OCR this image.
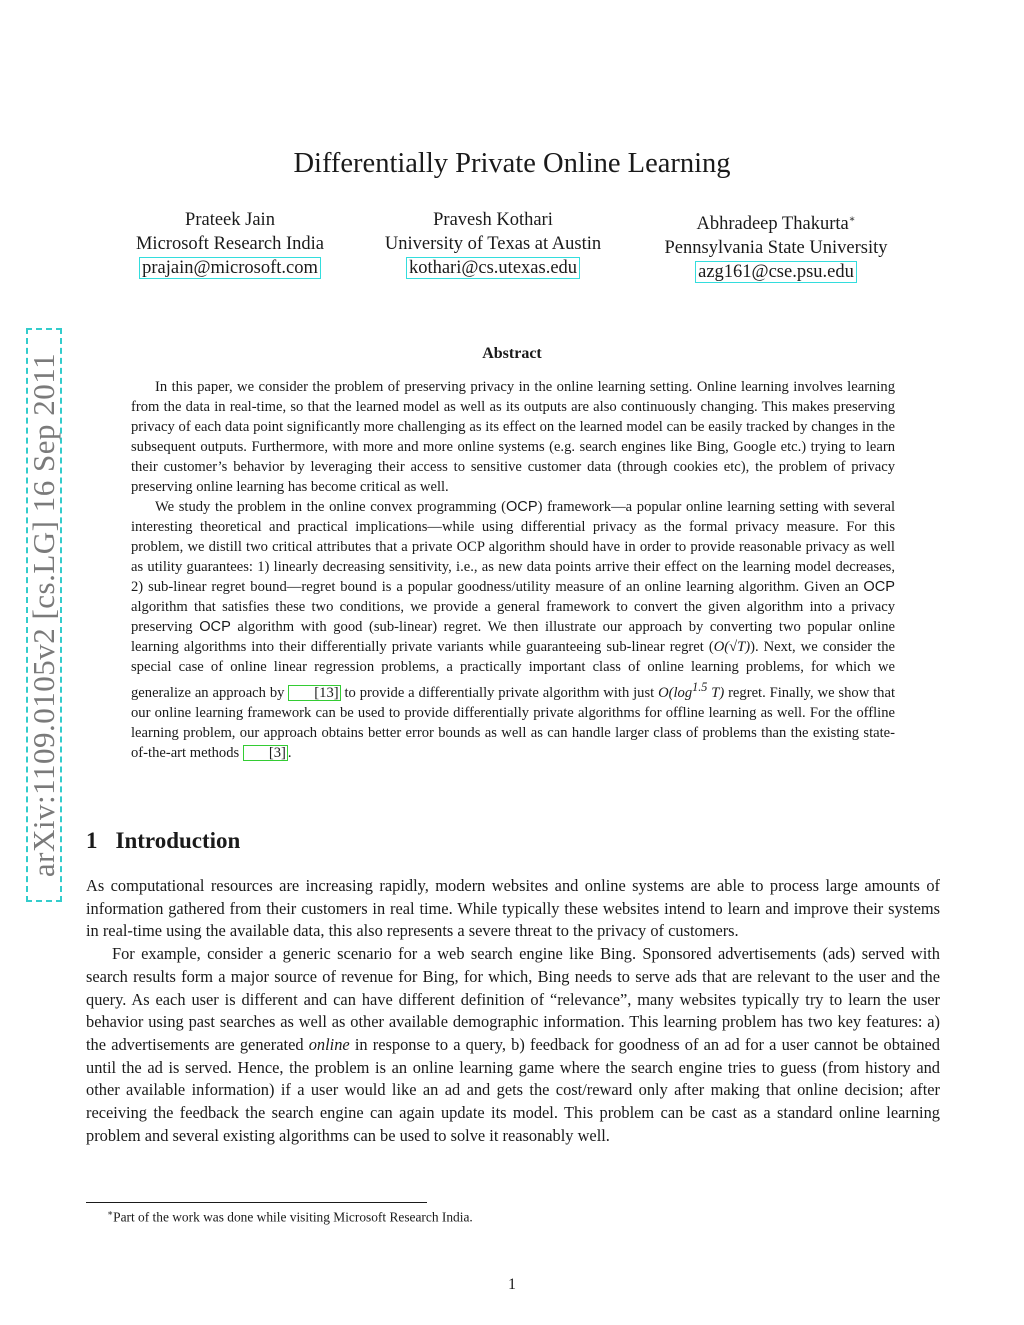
arXiv:1109.0105v2 [cs.LG] 16 Sep 2011
Differentially Private Online Learning
Prateek Jain
Microsoft Research India
prajain@microsoft.com
Pravesh Kothari
University of Texas at Austin
kothari@cs.utexas.edu
Abhradeep Thakurta∗
Pennsylvania State University
azg161@cse.psu.edu
Abstract

In this paper, we consider the problem of preserving privacy in the online learning setting. Online learning involves learning from the data in real-time, so that the learned model as well as its outputs are also continuously changing. This makes preserving privacy of each data point significantly more challenging as its effect on the learned model can be easily tracked by changes in the subsequent outputs. Furthermore, with more and more online systems (e.g. search engines like Bing, Google etc.) trying to learn their customer’s behavior by leveraging their access to sensitive customer data (through cookies etc), the problem of privacy preserving online learning has become critical as well.

We study the problem in the online convex programming (OCP) framework—a popular online learning setting with several interesting theoretical and practical implications—while using differential privacy as the formal privacy measure. For this problem, we distill two critical attributes that a private OCP algorithm should have in order to provide reasonable privacy as well as utility guarantees: 1) linearly decreasing sensitivity, i.e., as new data points arrive their effect on the learning model decreases, 2) sub-linear regret bound—regret bound is a popular goodness/utility measure of an online learning algorithm. Given an OCP algorithm that satisfies these two conditions, we provide a general framework to convert the given algorithm into a privacy preserving OCP algorithm with good (sub-linear) regret. We then illustrate our approach by converting two popular online learning algorithms into their differentially private variants while guaranteeing sub-linear regret (O(√T)). Next, we consider the special case of online linear regression problems, a practically important class of online learning problems, for which we generalize an approach by [13] to provide a differentially private algorithm with just $O(\log^{1.5}$ T) regret. Finally, we show that our online learning framework can be used to provide differentially private algorithms for offline learning as well. For the offline learning problem, our approach obtains better error bounds as well as can handle larger class of problems than the existing state-of-the-art methods [3] .

1 Introduction

As computational resources are increasing rapidly, modern websites and online systems are able to process large amounts of information gathered from their customers in real time. While typically these websites intend to learn and improve their systems in real-time using the available data, this also represents a severe threat to the privacy of customers.

For example, consider a generic scenario for a web search engine like Bing. Sponsored advertisements (ads) served with search results form a major source of revenue for Bing, for which, Bing needs to serve ads that are relevant to the user and the query. As each user is different and can have different definition of “relevance”, many websites typically try to learn the user behavior using past searches as well as other available demographic information. This learning problem has two key features: a) the advertisements are generated online in response to a query, b) feedback for goodness of an ad for a user cannot be obtained until the ad is served. Hence, the problem is an online learning game where the search engine tries to guess (from history and other available information) if a user would like an ad and gets the cost/reward only after making that online decision; after receiving the feedback the search engine can again update its model. This problem can be cast as a standard online learning problem and several existing algorithms can be used to solve it reasonably well.

∗Part of the work was done while visiting Microsoft Research India.
1
